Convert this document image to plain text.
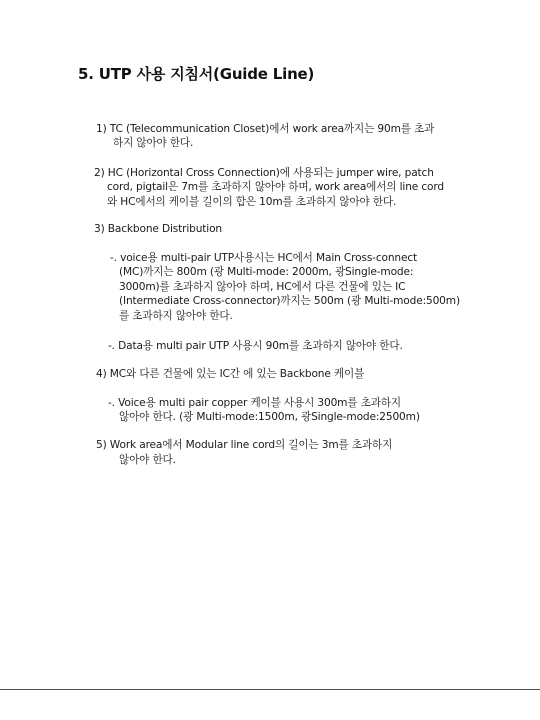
5. UTP 사용 지침서(Guide Line)
1) TC (Telecommunication Closet)에서 work area까지는 90m를 초과
하지 않아야 한다.
2) HC (Horizontal Cross Connection)에 사용되는 jumper wire, patch
cord, pigtail은 7m를 초과하지 않아야 하며, work area에서의 line cord
와 HC에서의 케이블 길이의 합은 10m를 초과하지 않아야 한다.
3) Backbone Distribution
-. voice용 multi-pair UTP사용시는 HC에서 Main Cross-connect
(MC)까지는 800m (광 Multi-mode: 2000m, 광Single-mode:
3000m)를 초과하지 않아야 하며, HC에서 다른 건물에 있는 IC
(Intermediate Cross-connector)까지는 500m (광 Multi-mode:500m)
를 초과하지 않아야 한다.
-. Data용 multi pair UTP 사용시 90m를 초과하지 않아야 한다.
4) MC와 다른 건물에 있는 IC간 에 있는 Backbone 케이블
-. Voice용 multi pair copper 케이블 사용시 300m를 초과하지
않아야 한다. (광 Multi-mode:1500m, 광Single-mode:2500m)
5) Work area에서 Modular line cord의 길이는 3m를 초과하지
않아야 한다.
